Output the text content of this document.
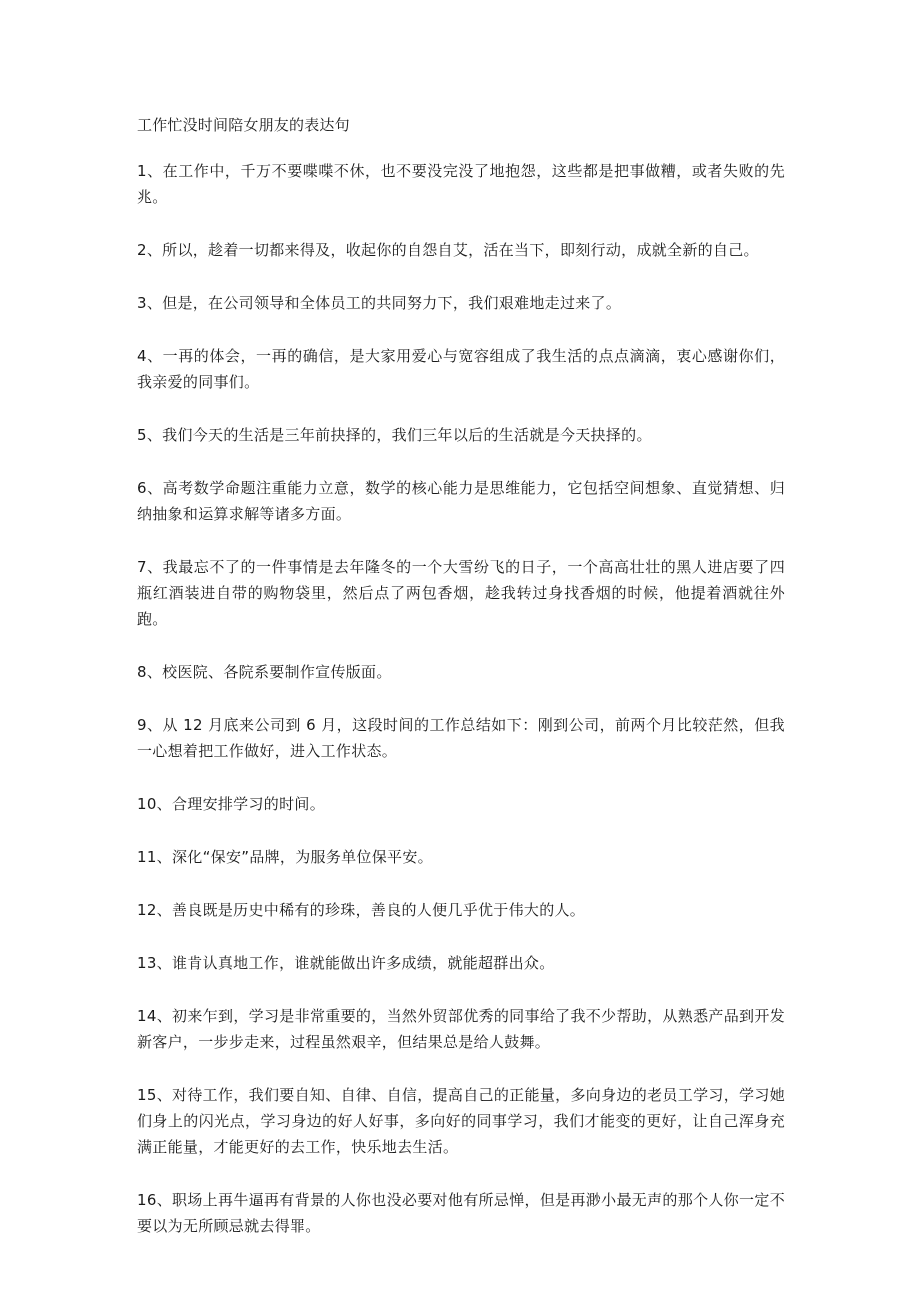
工作忙没时间陪女朋友的表达句

1、在工作中，千万不要喋喋不休，也不要没完没了地抱怨，这些都是把事做糟，或者失败的先兆。

2、所以，趁着一切都来得及，收起你的自怨自艾，活在当下，即刻行动，成就全新的自己。

3、但是，在公司领导和全体员工的共同努力下，我们艰难地走过来了。

4、一再的体会，一再的确信，是大家用爱心与宽容组成了我生活的点点滴滴，衷心感谢你们，我亲爱的同事们。

5、我们今天的生活是三年前抉择的，我们三年以后的生活就是今天抉择的。

6、高考数学命题注重能力立意，数学的核心能力是思维能力，它包括空间想象、直觉猜想、归纳抽象和运算求解等诸多方面。

7、我最忘不了的一件事情是去年隆冬的一个大雪纷飞的日子，一个高高壮壮的黑人进店要了四瓶红酒装进自带的购物袋里，然后点了两包香烟，趁我转过身找香烟的时候，他提着酒就往外跑。

8、校医院、各院系要制作宣传版面。

9、从 12 月底来公司到 6 月，这段时间的工作总结如下：刚到公司，前两个月比较茫然，但我一心想着把工作做好，进入工作状态。

10、合理安排学习的时间。

11、深化“保安”品牌，为服务单位保平安。

12、善良既是历史中稀有的珍珠，善良的人便几乎优于伟大的人。

13、谁肯认真地工作，谁就能做出许多成绩，就能超群出众。

14、初来乍到，学习是非常重要的，当然外贸部优秀的同事给了我不少帮助，从熟悉产品到开发新客户，一步步走来，过程虽然艰辛，但结果总是给人鼓舞。

15、对待工作，我们要自知、自律、自信，提高自己的正能量，多向身边的老员工学习，学习她们身上的闪光点，学习身边的好人好事，多向好的同事学习，我们才能变的更好，让自己浑身充满正能量，才能更好的去工作，快乐地去生活。

16、职场上再牛逼再有背景的人你也没必要对他有所忌惮，但是再渺小最无声的那个人你一定不要以为无所顾忌就去得罪。
